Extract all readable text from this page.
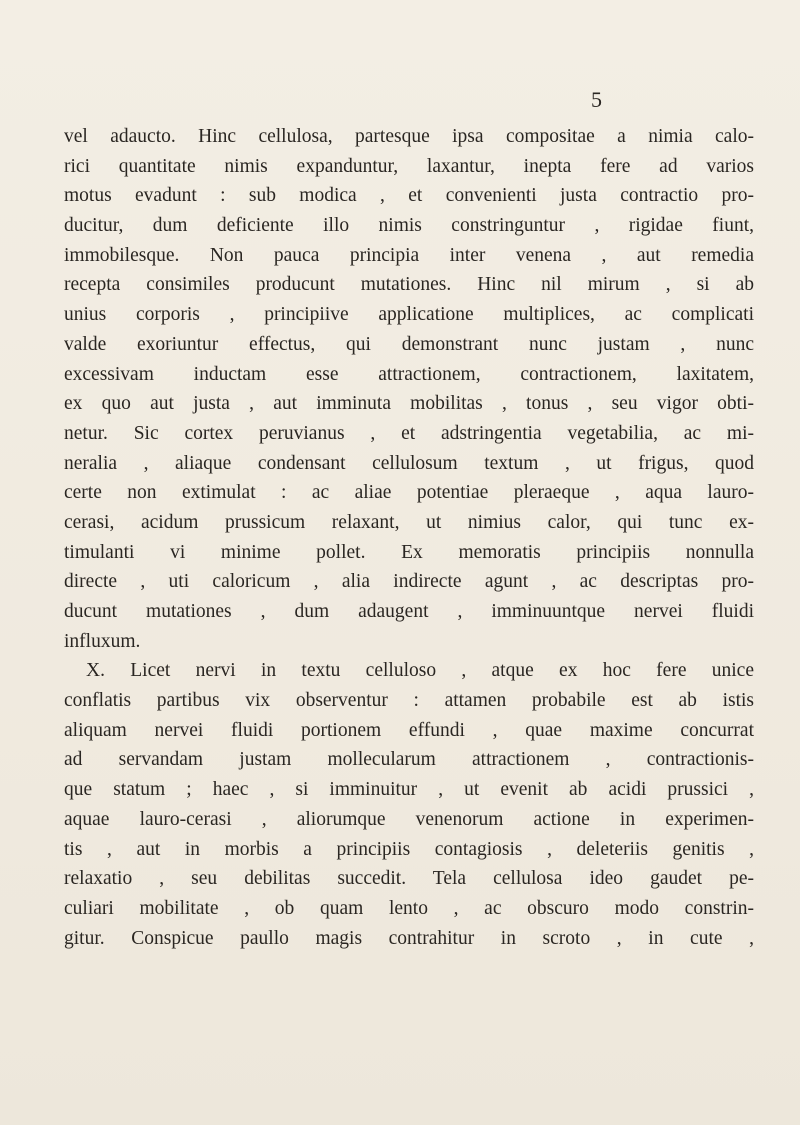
5
vel adaucto. Hinc cellulosa, partesque ipsa compositae a nimia calo-
rici quantitate nimis expanduntur, laxantur, inepta fere ad varios
motus evadunt : sub modica , et convenienti justa contractio pro-
ducitur, dum deficiente illo nimis constringuntur , rigidae fiunt,
immobilesque. Non pauca principia inter venena , aut remedia
recepta consimiles producunt mutationes. Hinc nil mirum , si ab
unius corporis , principiive applicatione multiplices, ac complicati
valde exoriuntur effectus, qui demonstrant nunc justam , nunc
excessivam inductam esse attractionem, contractionem, laxitatem,
ex quo aut justa , aut imminuta mobilitas , tonus , seu vigor obti-
netur. Sic cortex peruvianus , et adstringentia vegetabilia, ac mi-
neralia , aliaque condensant cellulosum textum , ut frigus, quod
certe non extimulat : ac aliae potentiae pleraeque , aqua lauro-
cerasi, acidum prussicum relaxant, ut nimius calor, qui tunc ex-
timulanti vi minime pollet. Ex memoratis principiis nonnulla
directe , uti caloricum , alia indirecte agunt , ac descriptas pro-
ducunt mutationes , dum adaugent , imminuuntque nervei fluidi
influxum.
X. Licet nervi in textu celluloso , atque ex hoc fere unice
conflatis partibus vix observentur : attamen probabile est ab istis
aliquam nervei fluidi portionem effundi , quae maxime concurrat
ad servandam justam mollecularum attractionem , contractionis-
que statum ; haec , si imminuitur , ut evenit ab acidi prussici ,
aquae lauro-cerasi , aliorumque venenorum actione in experimen-
tis , aut in morbis a principiis contagiosis , deleteriis genitis ,
relaxatio , seu debilitas succedit. Tela cellulosa ideo gaudet pe-
culiari mobilitate , ob quam lento , ac obscuro modo constrin-
gitur. Conspicue paullo magis contrahitur in scroto , in cute ,
